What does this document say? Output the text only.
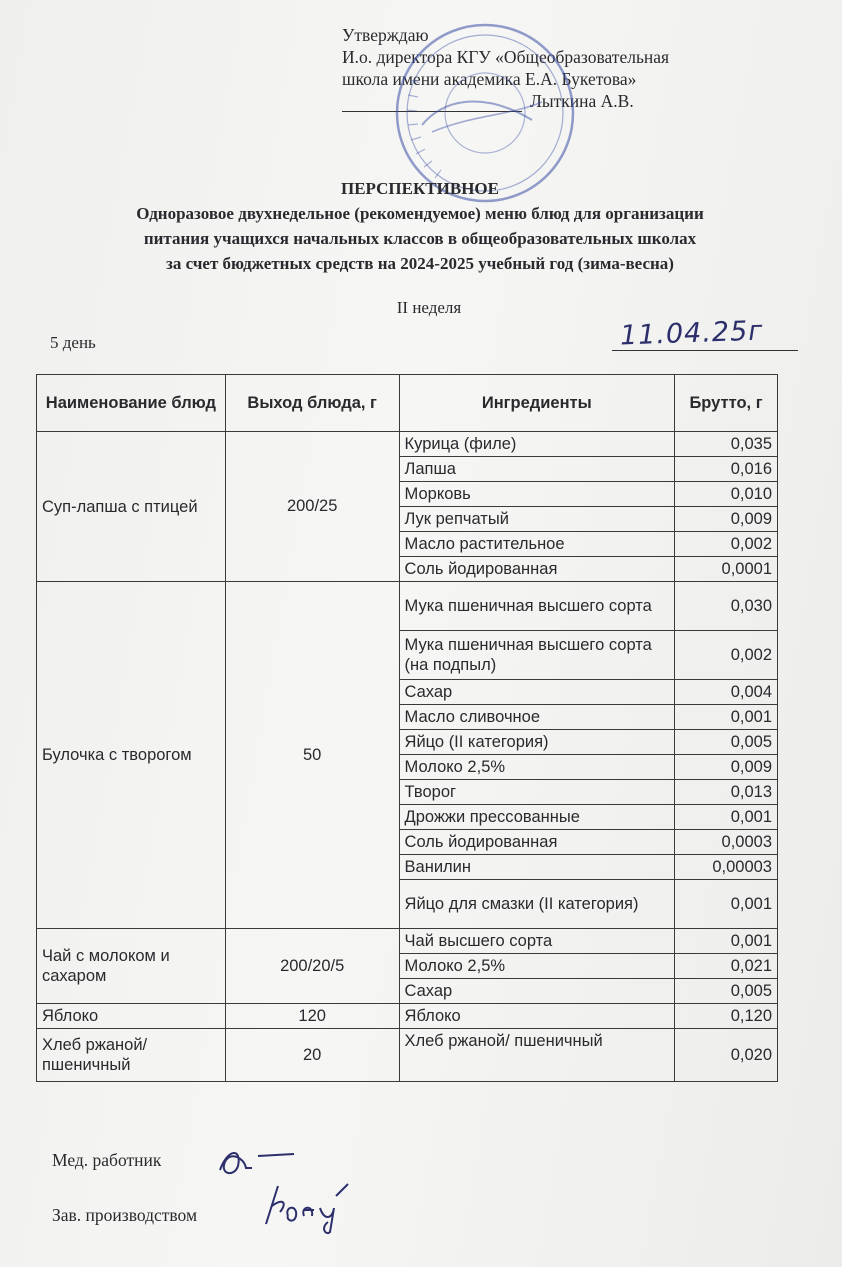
Утверждаю
И.о. директора КГУ «Общеобразовательная
школа имени академика Е.А. Букетова»
Лыткина А.В.
ПЕРСПЕКТИВНОЕ
Одноразовое двухнедельное (рекомендуемое) меню блюд для организации
питания учащихся начальных классов в общеобразовательных школах
за счет бюджетных средств на 2024-2025 учебный год (зима-весна)
II неделя
5 день	11.04.25г
Наименование блюд	Выход блюда, г	Ингредиенты	Брутто, г
Суп-лапша с птицей	200/25	Курица (филе)	0,035
		Лапша	0,016
		Морковь	0,010
		Лук репчатый	0,009
		Масло растительное	0,002
		Соль йодированная	0,0001
Булочка с творогом	50	Мука пшеничная высшего сорта	0,030
		Мука пшеничная высшего сорта (на подпыл)	0,002
		Сахар	0,004
		Масло сливочное	0,001
		Яйцо (II категория)	0,005
		Молоко 2,5%	0,009
		Творог	0,013
		Дрожжи прессованные	0,001
		Соль йодированная	0,0003
		Ванилин	0,00003
		Яйцо для смазки (II категория)	0,001
Чай с молоком и сахаром	200/20/5	Чай высшего сорта	0,001
		Молоко 2,5%	0,021
		Сахар	0,005
Яблоко	120	Яблоко	0,120
Хлеб ржаной/ пшеничный	20	Хлеб ржаной/ пшеничный	0,020
Мед. работник
Зав. производством
